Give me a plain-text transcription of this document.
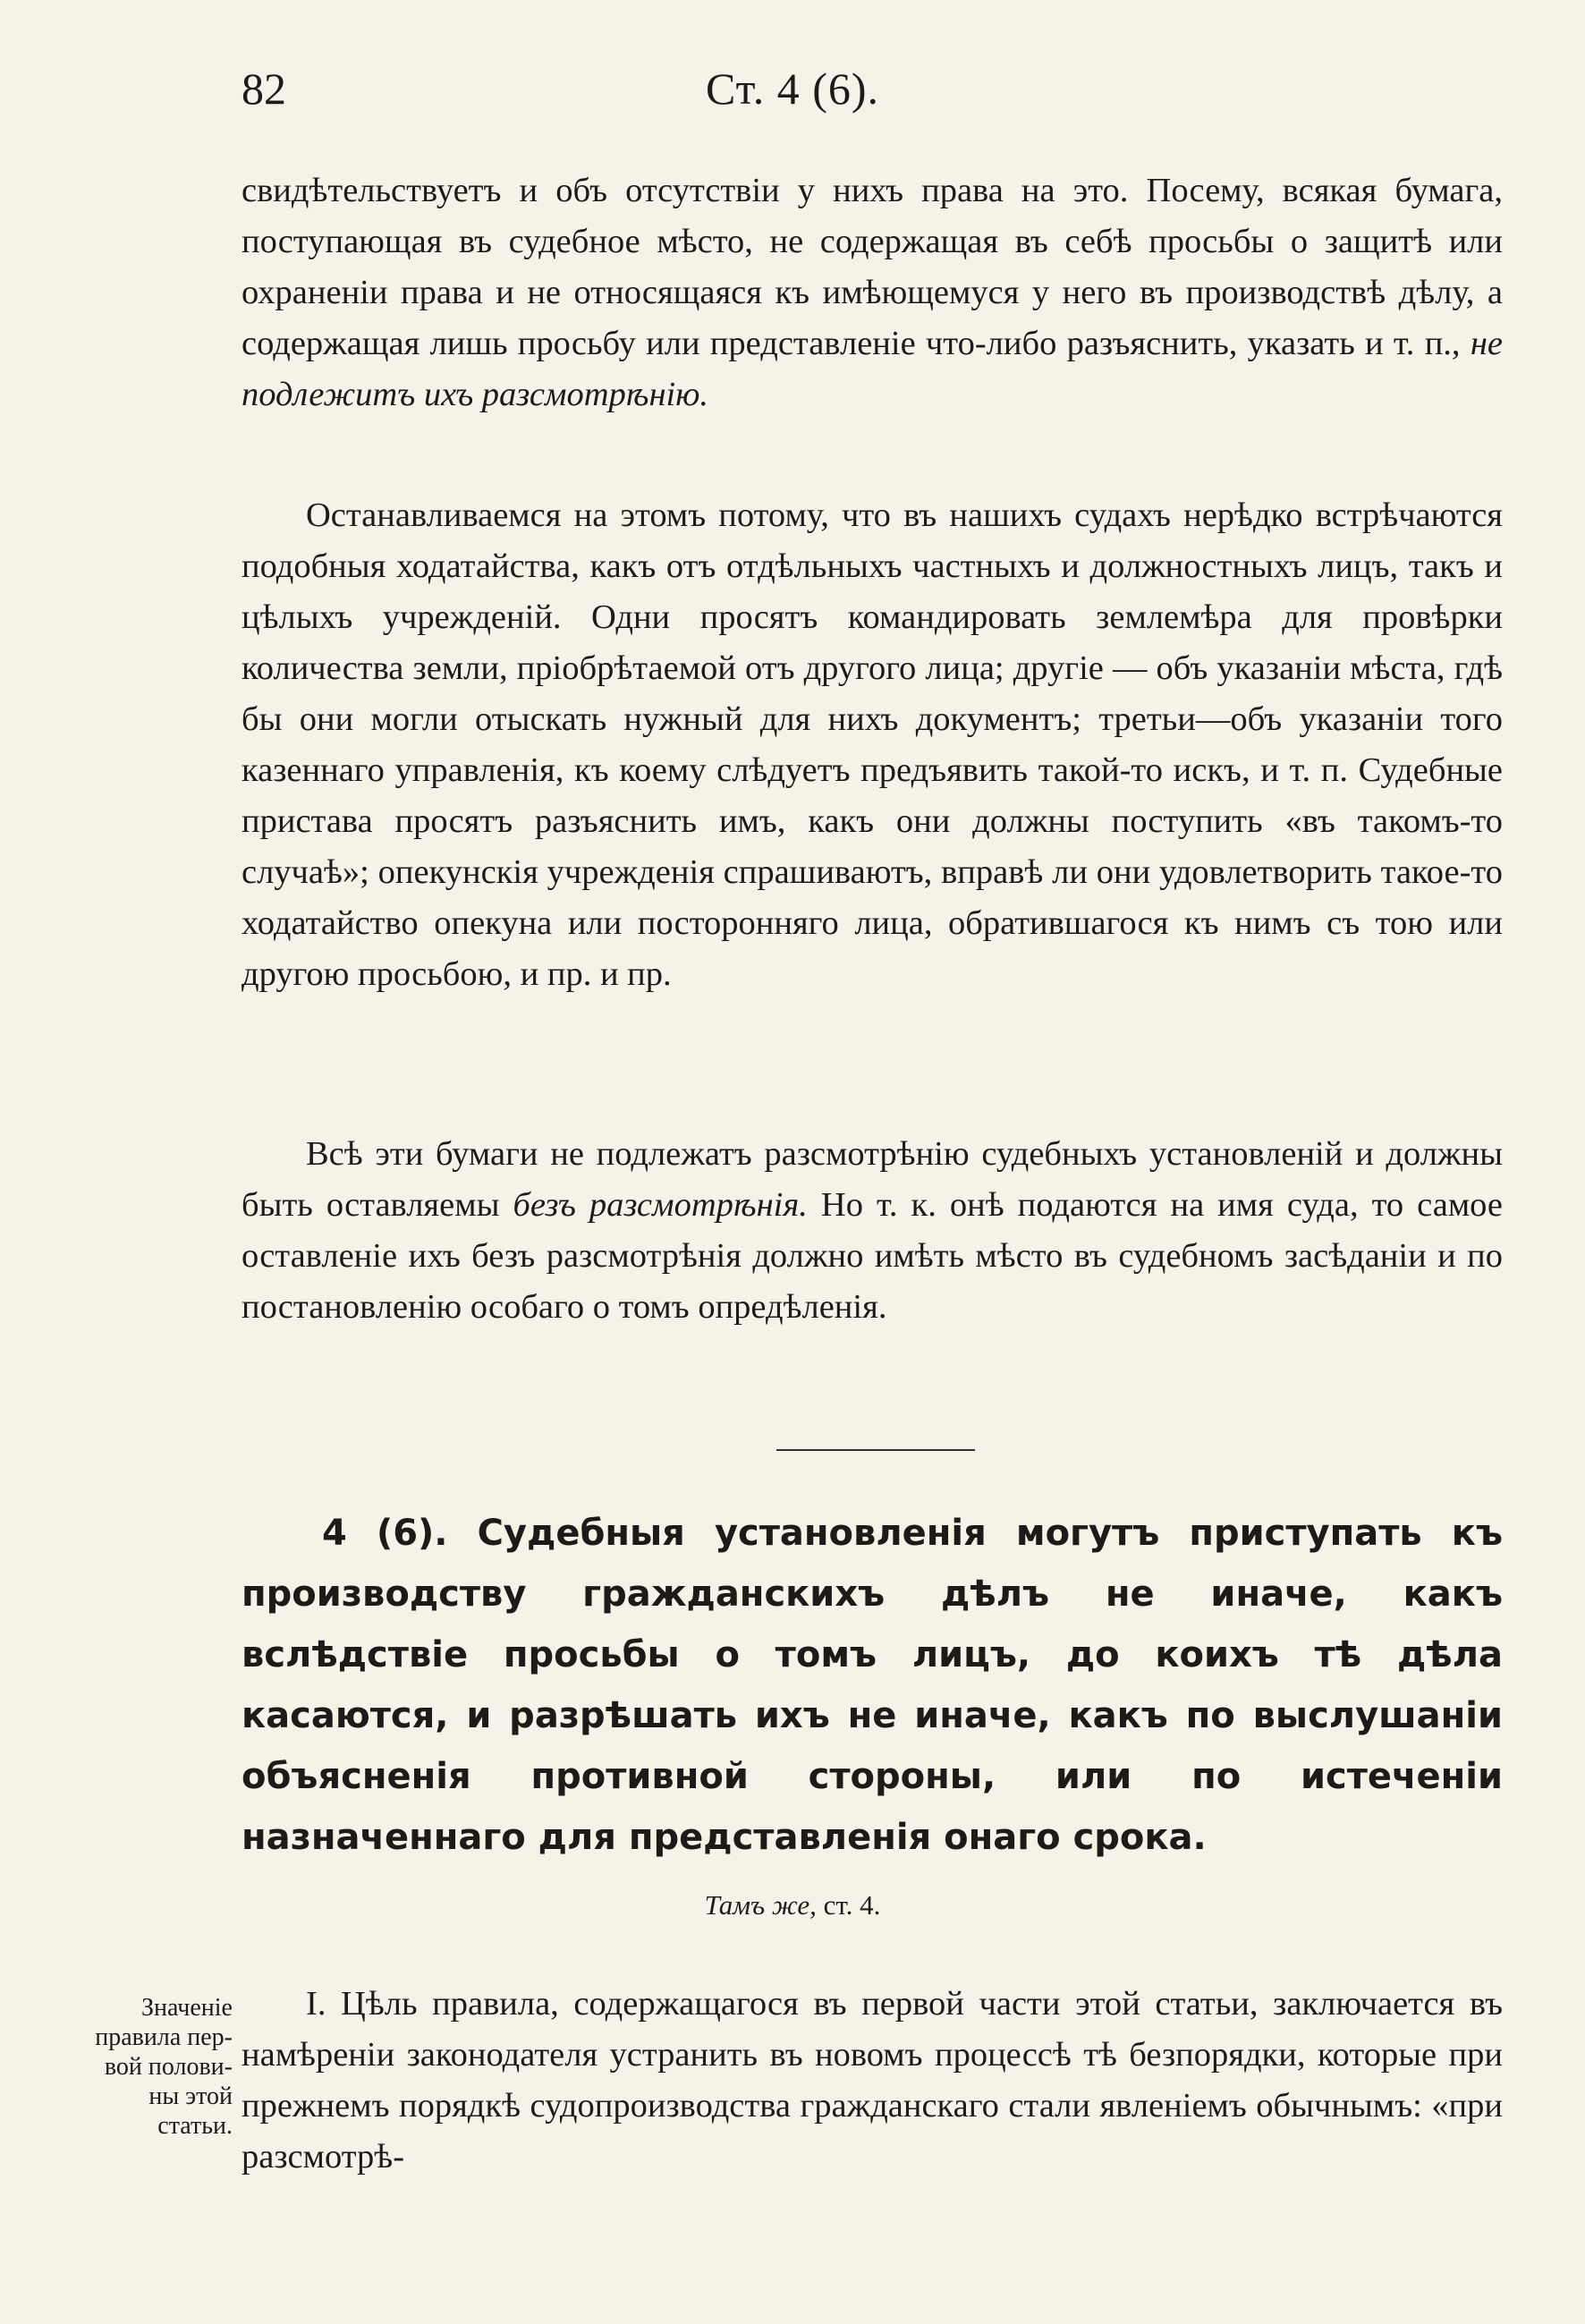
82	Ст. 4 (6).

свидѣтельствуетъ и объ отсутствіи у нихъ права на это. Посему, всякая бумага, поступающая въ судебное мѣсто, не содержащая въ себѣ просьбы о защитѣ или охраненіи права и не относящаяся къ имѣющемуся у него въ производствѣ дѣлу, а содержащая лишь просьбу или представленіе что-либо разъяснить, указать и т. п., не подлежитъ ихъ разсмотрѣнію.

Останавливаемся на этомъ потому, что въ нашихъ судахъ нерѣдко встрѣчаются подобныя ходатайства, какъ отъ отдѣльныхъ частныхъ и должностныхъ лицъ, такъ и цѣлыхъ учрежденій. Одни просятъ командировать землемѣра для провѣрки количества земли, пріобрѣтаемой отъ другого лица; другіе — объ указаніи мѣста, гдѣ бы они могли отыскать нужный для нихъ документъ; третьи—объ указаніи того казеннаго управленія, къ коему слѣдуетъ предъявить такой-то искъ, и т. п. Судебные пристава просятъ разъяснить имъ, какъ они должны поступить «въ такомъ-то случаѣ»; опекунскія учрежденія спрашиваютъ, вправѣ ли они удовлетворить такое-то ходатайство опекуна или посторонняго лица, обратившагося къ нимъ съ тою или другою просьбою, и пр. и пр.

Всѣ эти бумаги не подлежатъ разсмотрѣнію судебныхъ установленій и должны быть оставляемы безъ разсмотрѣнія. Но т. к. онѣ подаются на имя суда, то самое оставленіе ихъ безъ разсмотрѣнія должно имѣть мѣсто въ судебномъ засѣданіи и по постановленію особаго о томъ опредѣленія.

4 (6). Судебныя установленія могутъ приступать къ производству гражданскихъ дѣлъ не иначе, какъ вслѣдствіе просьбы о томъ лицъ, до коихъ тѣ дѣла касаются, и разрѣшать ихъ не иначе, какъ по выслушаніи объясненія противной стороны, или по истеченіи назначеннаго для представленія онаго срока.

Тамъ же, ст. 4.
Значеніе
правила пер-
вой полови-
ны этой
статьи.

I. Цѣль правила, содержащагося въ первой части этой статьи, заключается въ намѣреніи законодателя устранить въ новомъ процессѣ тѣ безпорядки, которые при прежнемъ порядкѣ судопроизводства гражданскаго стали явленіемъ обычнымъ: «при разсмотрѣ-
